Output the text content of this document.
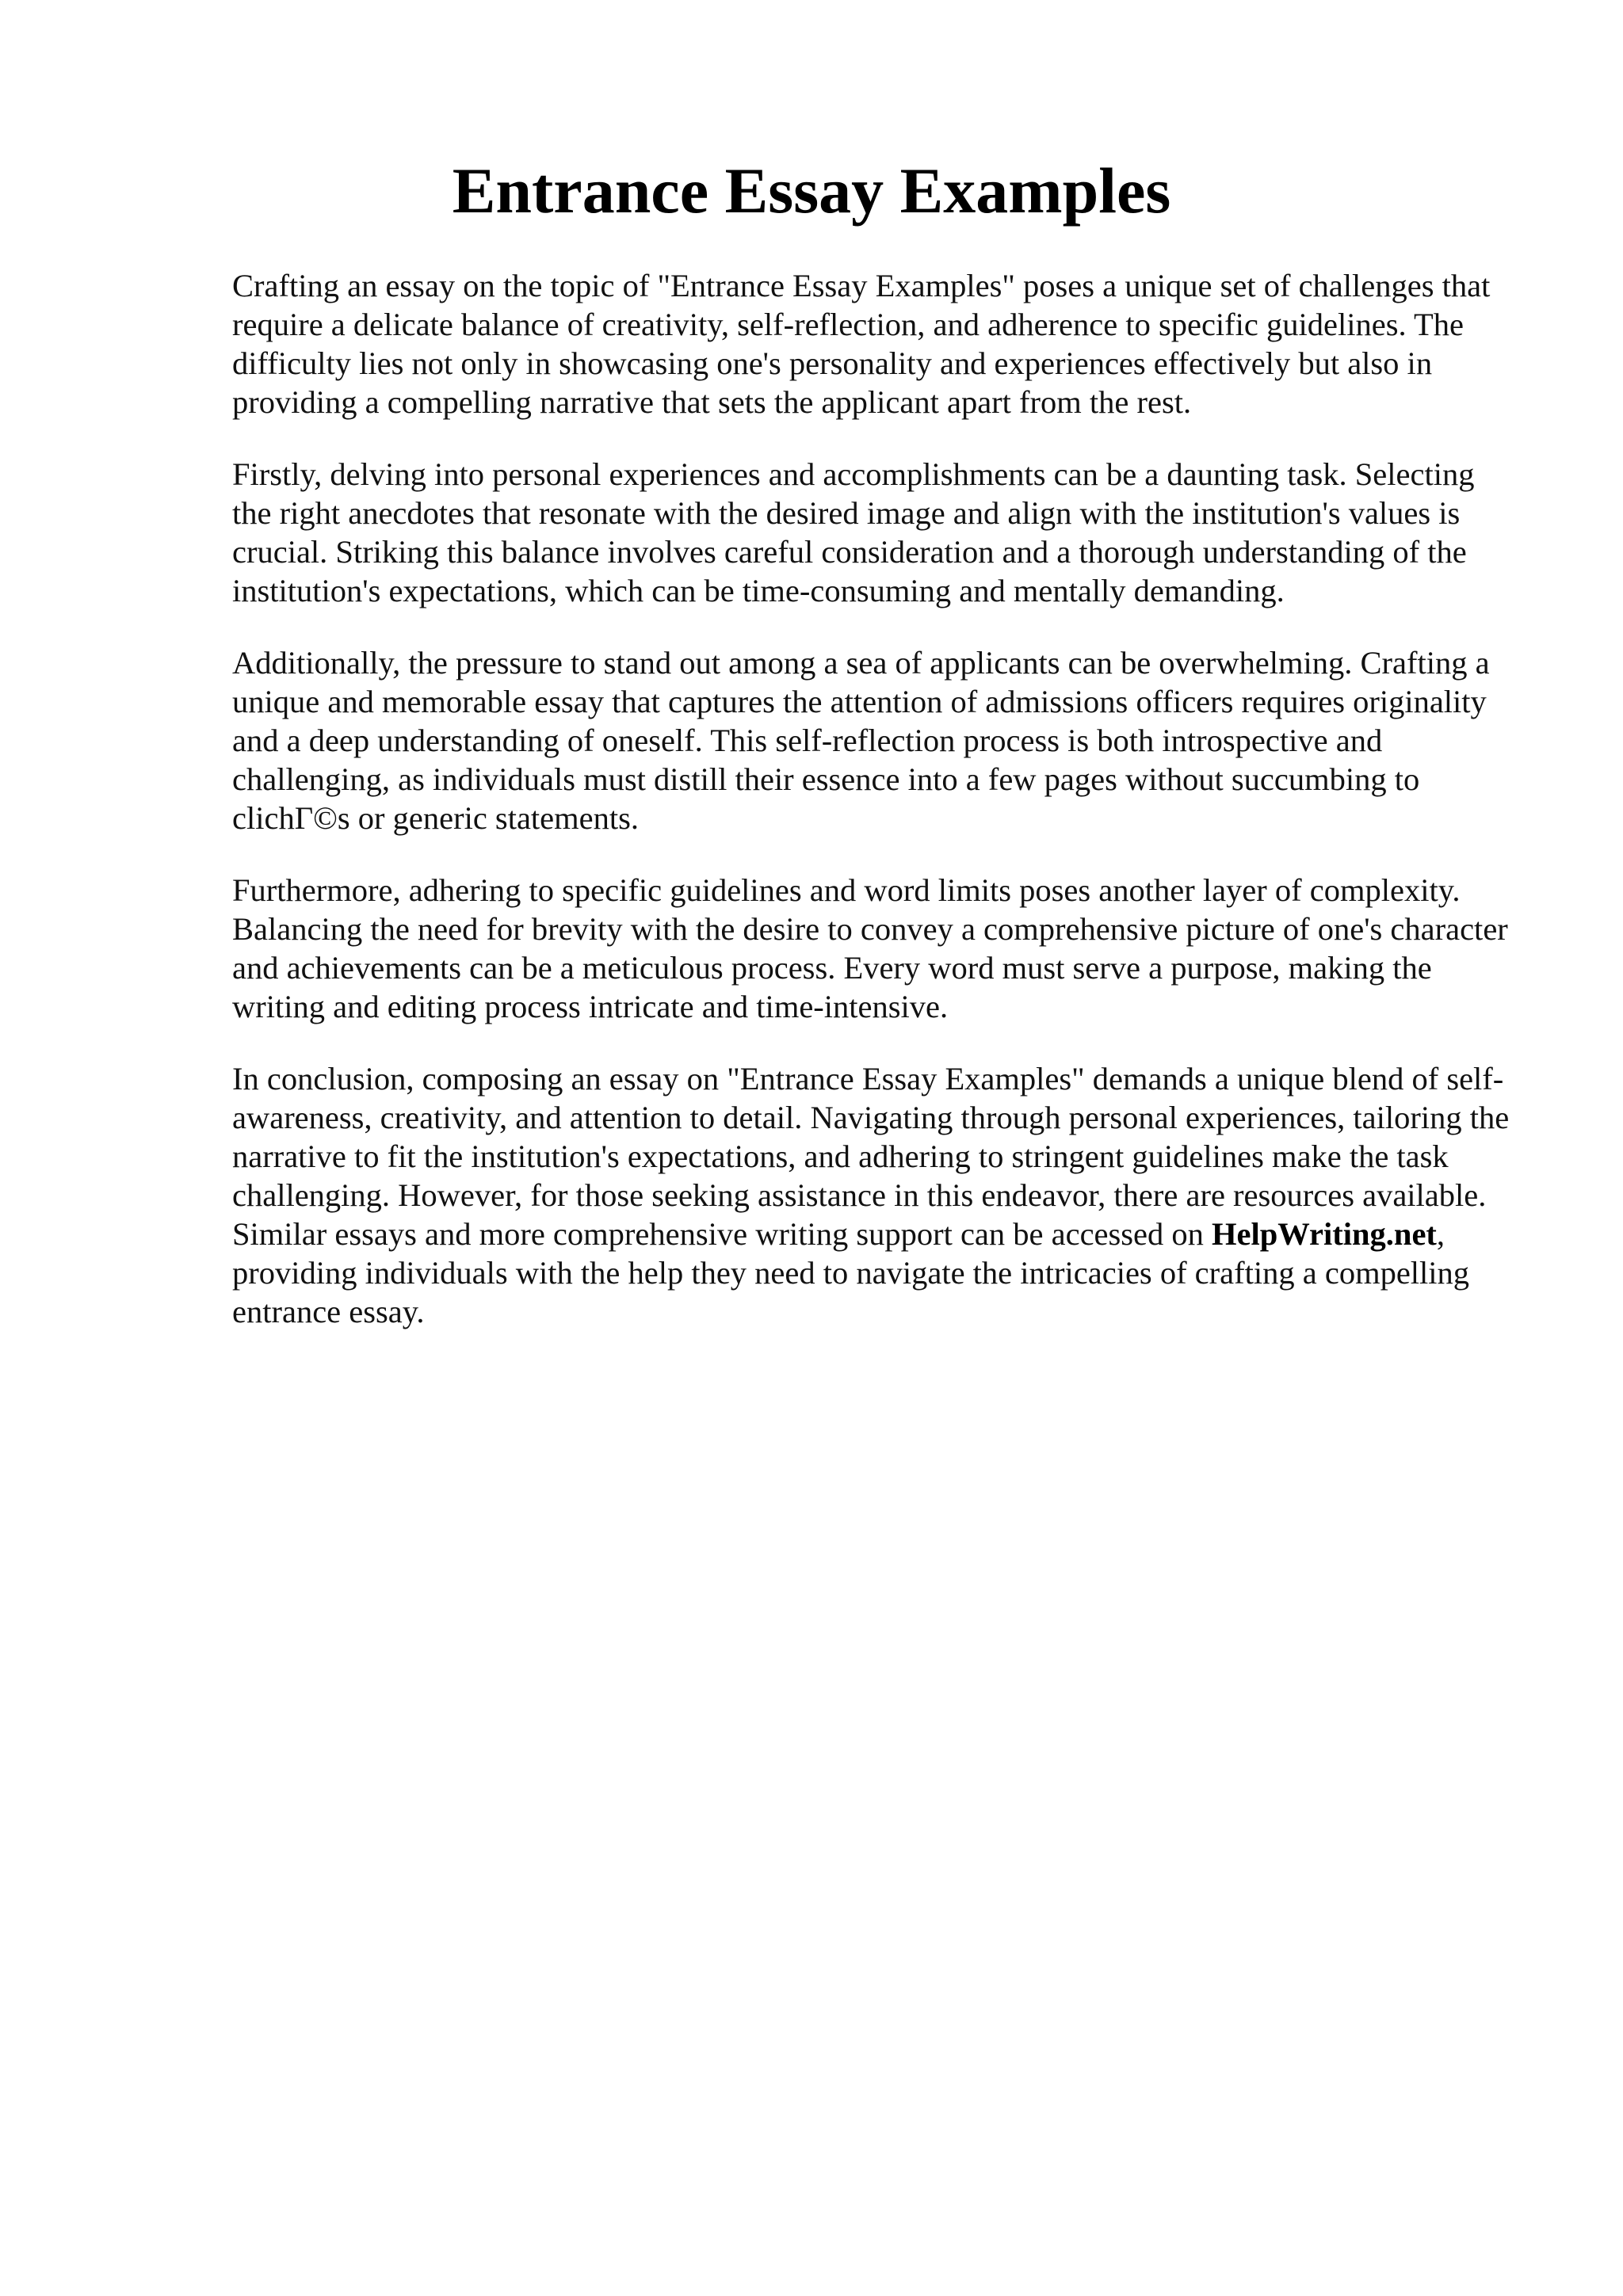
Entrance Essay Examples

Crafting an essay on the topic of "Entrance Essay Examples" poses a unique set of challenges that require a delicate balance of creativity, self-reflection, and adherence to specific guidelines. The difficulty lies not only in showcasing one's personality and experiences effectively but also in providing a compelling narrative that sets the applicant apart from the rest.

Firstly, delving into personal experiences and accomplishments can be a daunting task. Selecting the right anecdotes that resonate with the desired image and align with the institution's values is crucial. Striking this balance involves careful consideration and a thorough understanding of the institution's expectations, which can be time-consuming and mentally demanding.

Additionally, the pressure to stand out among a sea of applicants can be overwhelming. Crafting a unique and memorable essay that captures the attention of admissions officers requires originality and a deep understanding of oneself. This self-reflection process is both introspective and challenging, as individuals must distill their essence into a few pages without succumbing to clichΓ©s or generic statements.

Furthermore, adhering to specific guidelines and word limits poses another layer of complexity. Balancing the need for brevity with the desire to convey a comprehensive picture of one's character and achievements can be a meticulous process. Every word must serve a purpose, making the writing and editing process intricate and time-intensive.

In conclusion, composing an essay on "Entrance Essay Examples" demands a unique blend of self-awareness, creativity, and attention to detail. Navigating through personal experiences, tailoring the narrative to fit the institution's expectations, and adhering to stringent guidelines make the task challenging. However, for those seeking assistance in this endeavor, there are resources available. Similar essays and more comprehensive writing support can be accessed on HelpWriting.net, providing individuals with the help they need to navigate the intricacies of crafting a compelling entrance essay.
